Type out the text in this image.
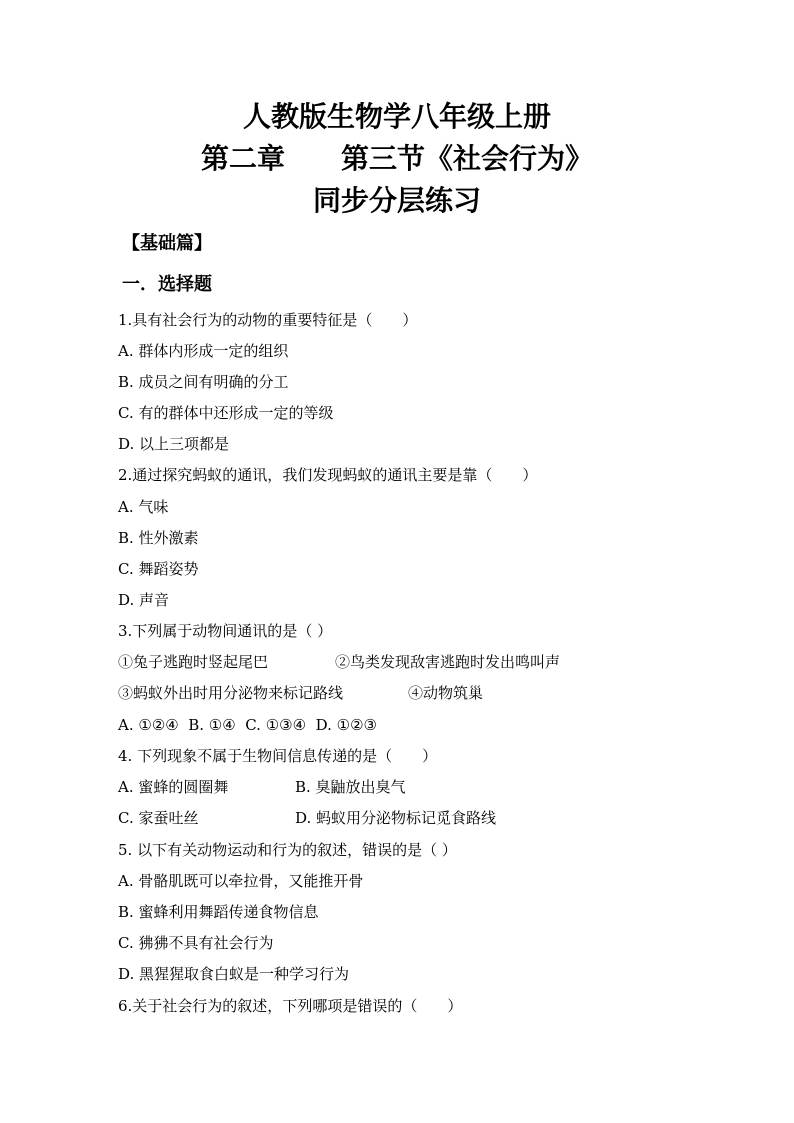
人教版生物学八年级上册
第二章　　第三节《社会行为》
同步分层练习
【基础篇】
一．选择题
1.具有社会行为的动物的重要特征是（　　）
A. 群体内形成一定的组织
B. 成员之间有明确的分工
C. 有的群体中还形成一定的等级
D. 以上三项都是
2.通过探究蚂蚁的通讯，我们发现蚂蚁的通讯主要是靠（　　）
A. 气味
B. 性外激素
C. 舞蹈姿势
D. 声音
3.下列属于动物间通讯的是（ ）
①兔子逃跑时竖起尾巴	②鸟类发现敌害逃跑时发出鸣叫声
③蚂蚁外出时用分泌物来标记路线	④动物筑巢
A. ①②④  B. ①④  C. ①③④  D. ①②③
4. 下列现象不属于生物间信息传递的是（　　）
A. 蜜蜂的圆圈舞	B. 臭鼬放出臭气
C. 家蚕吐丝	D. 蚂蚁用分泌物标记觅食路线
5. 以下有关动物运动和行为的叙述，错误的是（ ）
A. 骨骼肌既可以牵拉骨，又能推开骨
B. 蜜蜂利用舞蹈传递食物信息
C. 狒狒不具有社会行为
D. 黑猩猩取食白蚁是一种学习行为
6.关于社会行为的叙述，下列哪项是错误的（　　）
